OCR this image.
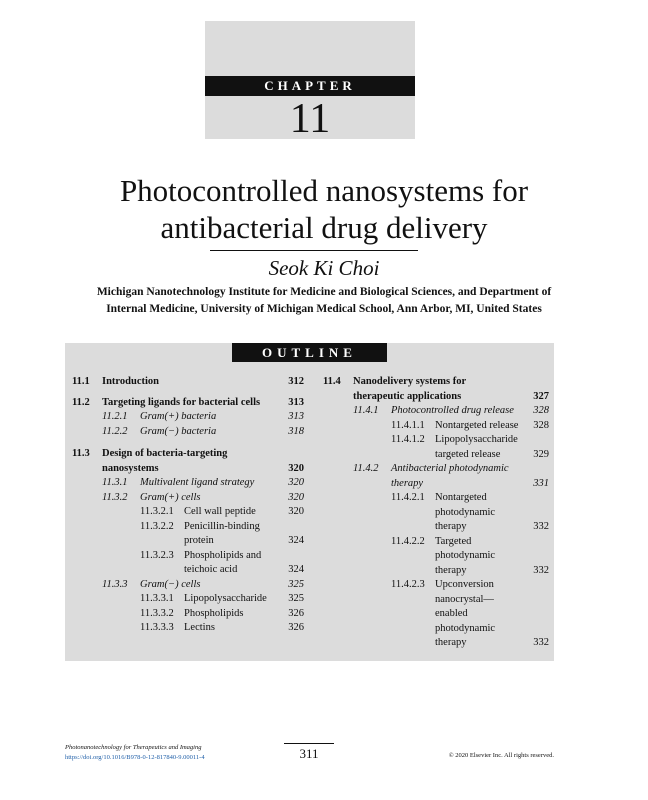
CHAPTER
11
Photocontrolled nanosystems for
antibacterial drug delivery
Seok Ki Choi
Michigan Nanotechnology Institute for Medicine and Biological Sciences, and Department of
Internal Medicine, University of Michigan Medical School, Ann Arbor, MI, United States
OUTLINE
11.1 Introduction	312
11.2 Targeting ligands for bacterial cells	313
11.2.1 Gram(+) bacteria	313
11.2.2 Gram(−) bacteria	318
11.3 Design of bacteria-targeting
nanosystems	320
11.3.1 Multivalent ligand strategy	320
11.3.2 Gram(+) cells	320
11.3.2.1 Cell wall peptide	320
11.3.2.2 Penicillin-binding
protein	324
11.3.2.3 Phospholipids and
teichoic acid	324
11.3.3 Gram(−) cells	325
11.3.3.1 Lipopolysaccharide 325
11.3.3.2 Phospholipids	326
11.3.3.3 Lectins	326
11.4 Nanodelivery systems for
therapeutic applications	327
11.4.1 Photocontrolled drug release 328
11.4.1.1 Nontargeted release 328
11.4.1.2 Lipopolysaccharide
targeted release	329
11.4.2 Antibacterial photodynamic
therapy	331
11.4.2.1 Nontargeted
photodynamic
therapy	332
11.4.2.2 Targeted
photodynamic
therapy	332
11.4.2.3 Upconversion
nanocrystal—
enabled
photodynamic
therapy	332
Photonanotechnology for Therapeutics and Imaging
https://doi.org/10.1016/B978-0-12-817840-9.00011-4	311	© 2020 Elsevier Inc. All rights reserved.
